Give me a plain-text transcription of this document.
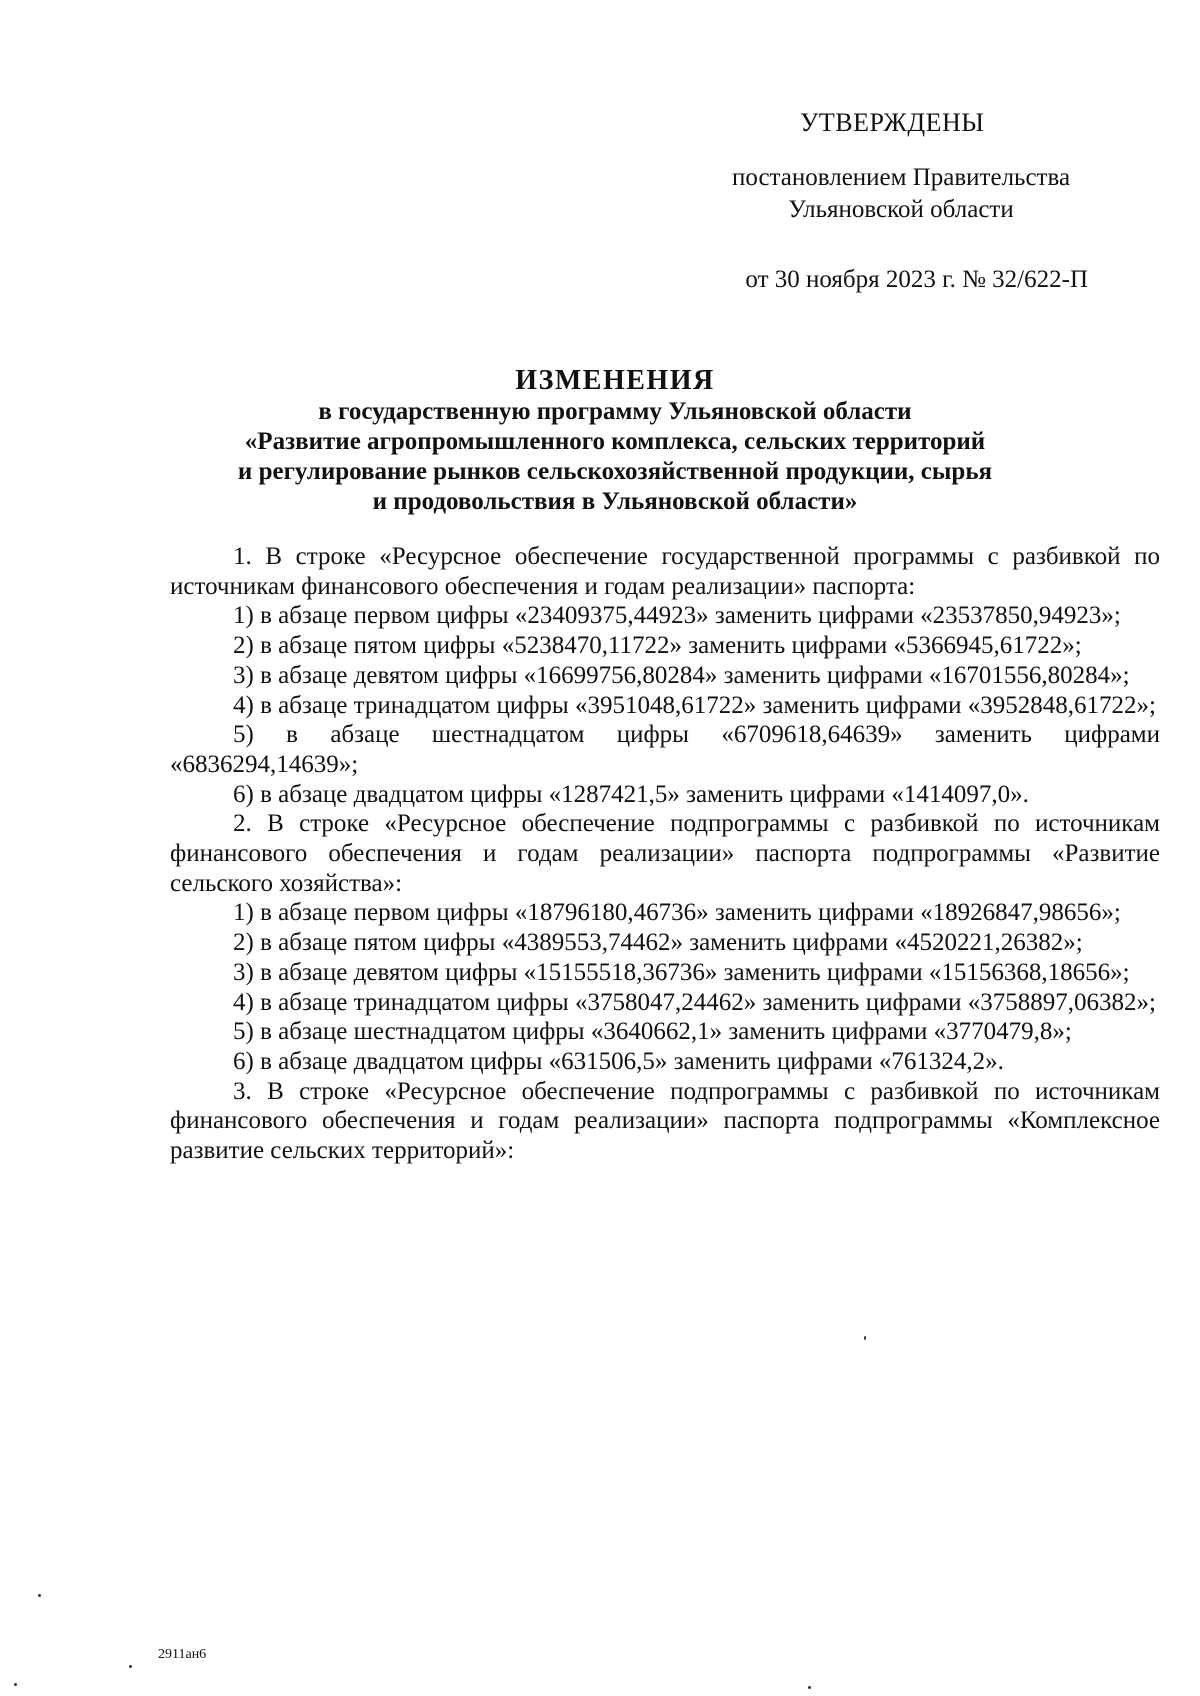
УТВЕРЖДЕНЫ
постановлением Правительства
Ульяновской области
от 30 ноября 2023 г. № 32/622-П
ИЗМЕНЕНИЯ
в государственную программу Ульяновской области
«Развитие агропромышленного комплекса, сельских территорий
и регулирование рынков сельскохозяйственной продукции, сырья
и продовольствия в Ульяновской области»

1. В строке «Ресурсное обеспечение государственной программы с разбивкой по источникам финансового обеспечения и годам реализации» паспорта:

1) в абзаце первом цифры «23409375,44923» заменить цифрами «23537850,94923»;

2) в абзаце пятом цифры «5238470,11722» заменить цифрами «5366945,61722»;

3) в абзаце девятом цифры «16699756,80284» заменить цифрами «16701556,80284»;

4) в абзаце тринадцатом цифры «3951048,61722» заменить цифрами «3952848,61722»;

5) в абзаце шестнадцатом цифры «6709618,64639» заменить цифрами «6836294,14639»;

6) в абзаце двадцатом цифры «1287421,5» заменить цифрами «1414097,0».

2. В строке «Ресурсное обеспечение подпрограммы с разбивкой по источникам финансового обеспечения и годам реализации» паспорта подпрограммы «Развитие сельского хозяйства»:

1) в абзаце первом цифры «18796180,46736» заменить цифрами «18926847,98656»;

2) в абзаце пятом цифры «4389553,74462» заменить цифрами «4520221,26382»;

3) в абзаце девятом цифры «15155518,36736» заменить цифрами «15156368,18656»;

4) в абзаце тринадцатом цифры «3758047,24462» заменить цифрами «3758897,06382»;

5) в абзаце шестнадцатом цифры «3640662,1» заменить цифрами «3770479,8»;

6) в абзаце двадцатом цифры «631506,5» заменить цифрами «761324,2».

3. В строке «Ресурсное обеспечение подпрограммы с разбивкой по источникам финансового обеспечения и годам реализации» паспорта подпрограммы «Комплексное развитие сельских территорий»:

2911ан6
